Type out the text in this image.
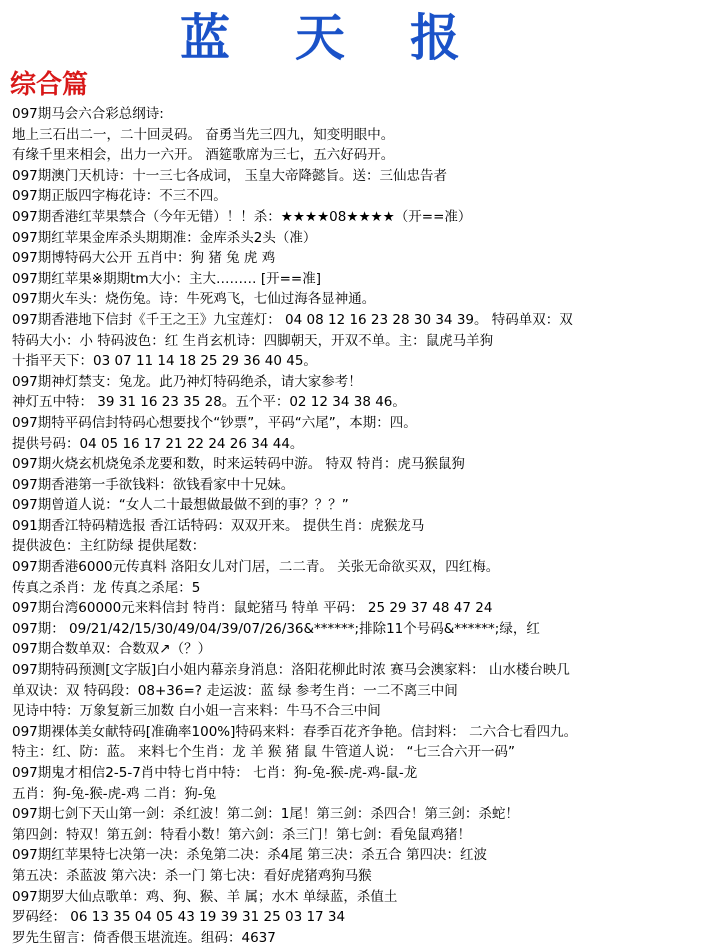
蓝 天 报
综合篇
097期马会六合彩总纲诗:
地上三石出二一，二十回灵码。 奋勇当先三四九，知变明眼中。
有缘千里来相会，出力一六开。 酒筵歌席为三七，五六好码开。
097期澳门天机诗：十一三七各成词， 玉皇大帝降懿旨。送：三仙忠告者
097期正版四字梅花诗：不三不四。
097期香港红苹果禁合（今年无错）！！杀：★★★★08★★★★（开==准）
097期红苹果金库杀头期期准：金库杀头2头（准）
097期博特码大公开 五肖中：狗 猪 兔 虎 鸡
097期红苹果※期期tm大小：主大……… [开==准]
097期火车头：烧伤兔。诗：牛死鸡飞，七仙过海各显神通。
097期香港地下信封《千王之王》九宝莲灯： 04 08 12 16 23 28 30 34 39。 特码单双：双
特码大小：小 特码波色：红 生肖玄机诗：四脚朝天，开双不单。主：鼠虎马羊狗
十指平天下：03 07 11 14 18 25 29 36 40 45。
097期神灯禁支：兔龙。此乃神灯特码绝杀，请大家参考！
神灯五中特： 39 31 16 23 35 28。五个平：02 12 34 38 46。
097期特平码信封特码心想要找个“钞票”，平码“六尾”，本期：四。
提供号码：04 05 16 17 21 22 24 26 34 44。
097期火烧玄机烧兔杀龙要和数，时来运转码中游。 特双 特肖：虎马猴鼠狗
097期香港第一手欲钱料：欲钱看家中十兄妹。
097期曾道人说：“女人二十最想做最做不到的事？？？”
091期香江特码精选报 香江话特码：双双开来。 提供生肖：虎猴龙马
提供波色：主红防绿 提供尾数：
097期香港6000元传真料 洛阳女儿对门居，二二青。 关张无命欲买双，四红梅。
传真之杀肖：龙 传真之杀尾：5
097期台湾60000元来料信封 特肖：鼠蛇猪马 特单 平码： 25 29 37 48 47 24
097期： 09/21/42/15/30/49/04/39/07/26/36&******;排除11个号码&******;绿，红
097期合数单双：合数双↗（？）
097期特码预测[文字版]白小姐内幕亲身消息：洛阳花柳此时浓 赛马会澳家料： 山水楼台映几
单双诀：双 特码段：08+36=? 走运波：蓝 绿 参考生肖：一二不离三中间
见诗中特：万象复新三加数 白小姐一言来料：牛马不合三中间
097期裸体美女献特码[准确率100%]特码来料：春季百花齐争艳。信封料： 二六合七看四九。
特主：红、防：蓝。 来料七个生肖：龙 羊 猴 猪 鼠 牛管道人说： “七三合六开一码”
097期鬼才相信2-5-7肖中特七肖中特： 七肖：狗-兔-猴-虎-鸡-鼠-龙
五肖：狗-兔-猴-虎-鸡 二肖：狗-兔
097期七剑下天山第一剑：杀红波！第二剑：1尾！第三剑：杀四合！第三剑：杀蛇！
第四剑：特双！第五剑：特看小数！第六剑：杀三门！第七剑：看兔鼠鸡猪！
097期红苹果特七决第一决：杀兔第二决：杀4尾 第三决：杀五合 第四决：红波
第五决：杀蓝波 第六决：杀一门 第七决：看好虎猪鸡狗马猴
097期罗大仙点歌单：鸡、狗、猴、羊 属；水木 单绿蓝，杀值土
罗码经： 06 13 35 04 05 43 19 39 31 25 03 17 34
罗先生留言：倚香偎玉堪流连。组码：4637
